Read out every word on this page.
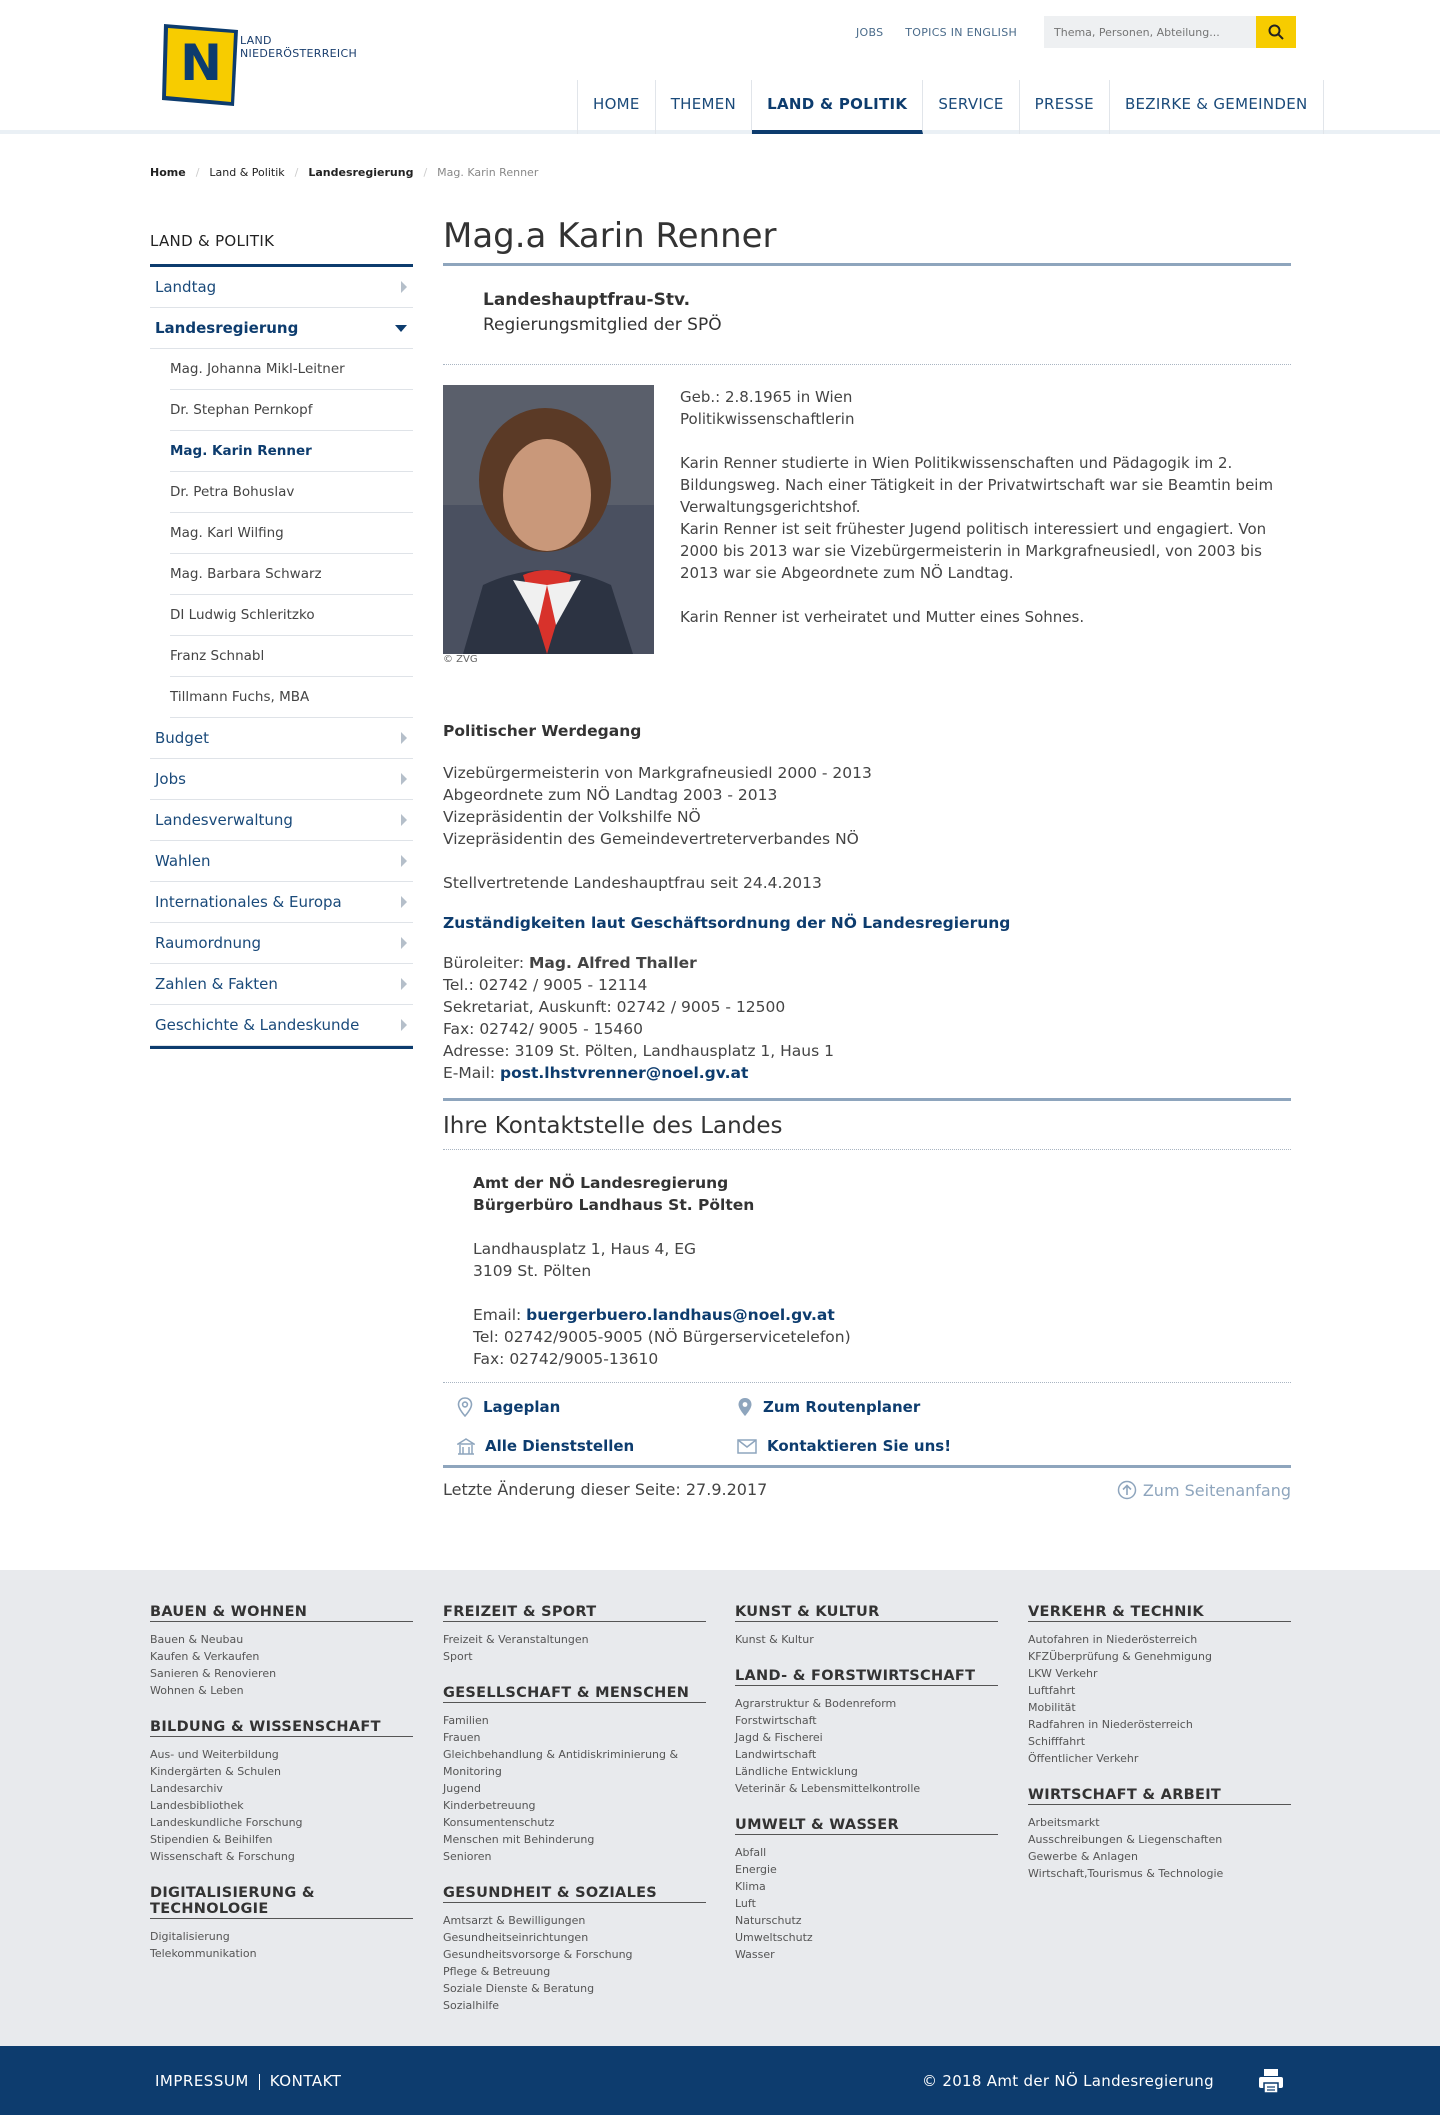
N LAND
NIEDERÖSTERREICH
JOBS TOPICS IN ENGLISH
Thema, Personen, Abteilung...
HOME	THEMEN	LAND & POLITIK	SERVICE	PRESSE	BEZIRKE & GEMEINDEN
Home / Land & Politik / Landesregierung / Mag. Karin Renner
LAND & POLITIK
Landtag
Landesregierung
Mag. Johanna Mikl-Leitner
Dr. Stephan Pernkopf
Mag. Karin Renner
Dr. Petra Bohuslav
Mag. Karl Wilfing
Mag. Barbara Schwarz
DI Ludwig Schleritzko
Franz Schnabl
Tillmann Fuchs, MBA
Budget
Jobs
Landesverwaltung
Wahlen
Internationales & Europa
Raumordnung
Zahlen & Fakten
Geschichte & Landeskunde
Mag.a Karin Renner
Landeshauptfrau-Stv.
Regierungsmitglied der SPÖ
© ZVG

Geb.: 2.8.1965 in Wien
Politikwissenschaftlerin

Karin Renner studierte in Wien Politikwissenschaften und Pädagogik im 2. Bildungsweg. Nach einer Tätigkeit in der Privatwirtschaft war sie Beamtin beim Verwaltungsgerichtshof.
Karin Renner ist seit frühester Jugend politisch interessiert und engagiert. Von 2000 bis 2013 war sie Vizebürgermeisterin in Markgrafneusiedl, von 2003 bis 2013 war sie Abgeordnete zum NÖ Landtag.

Karin Renner ist verheiratet und Mutter eines Sohnes.

Politischer Werdegang
Vizebürgermeisterin von Markgrafneusiedl 2000 - 2013
Abgeordnete zum NÖ Landtag 2003 - 2013
Vizepräsidentin der Volkshilfe NÖ
Vizepräsidentin des Gemeindevertreterverbandes NÖ
Stellvertretende Landeshauptfrau seit 24.4.2013
Zuständigkeiten laut Geschäftsordnung der NÖ Landesregierung
Büroleiter: Mag. Alfred Thaller
Tel.: 02742 / 9005 - 12114
Sekretariat, Auskunft: 02742 / 9005 - 12500
Fax: 02742/ 9005 - 15460
Adresse: 3109 St. Pölten, Landhausplatz 1, Haus 1
E-Mail: post.lhstvrenner@noel.gv.at
Ihre Kontaktstelle des Landes
Amt der NÖ Landesregierung
Bürgerbüro Landhaus St. Pölten
Landhausplatz 1, Haus 4, EG
3109 St. Pölten
Email: buergerbuero.landhaus@noel.gv.at
Tel: 02742/9005-9005 (NÖ Bürgerservicetelefon)
Fax: 02742/9005-13610
Lageplan	Zum Routenplaner
Alle Dienststellen	Kontaktieren Sie uns!
Letzte Änderung dieser Seite: 27.9.2017	Zum Seitenanfang
BAUEN & WOHNEN
Bauen & Neubau
Kaufen & Verkaufen
Sanieren & Renovieren
Wohnen & Leben
BILDUNG & WISSENSCHAFT
Aus- und Weiterbildung
Kindergärten & Schulen
Landesarchiv
Landesbibliothek
Landeskundliche Forschung
Stipendien & Beihilfen
Wissenschaft & Forschung
DIGITALISIERUNG & TECHNOLOGIE
Digitalisierung
Telekommunikation
FREIZEIT & SPORT
Freizeit & Veranstaltungen
Sport
GESELLSCHAFT & MENSCHEN
Familien
Frauen
Gleichbehandlung & Antidiskriminierung & Monitoring
Jugend
Kinderbetreuung
Konsumentenschutz
Menschen mit Behinderung
Senioren
GESUNDHEIT & SOZIALES
Amtsarzt & Bewilligungen
Gesundheitseinrichtungen
Gesundheitsvorsorge & Forschung
Pflege & Betreuung
Soziale Dienste & Beratung
Sozialhilfe
KUNST & KULTUR
Kunst & Kultur
LAND- & FORSTWIRTSCHAFT
Agrarstruktur & Bodenreform
Forstwirtschaft
Jagd & Fischerei
Landwirtschaft
Ländliche Entwicklung
Veterinär & Lebensmittelkontrolle
UMWELT & WASSER
Abfall
Energie
Klima
Luft
Naturschutz
Umweltschutz
Wasser
VERKEHR & TECHNIK
Autofahren in Niederösterreich
KFZÜberprüfung & Genehmigung
LKW Verkehr
Luftfahrt
Mobilität
Radfahren in Niederösterreich
Schifffahrt
Öffentlicher Verkehr
WIRTSCHAFT & ARBEIT
Arbeitsmarkt
Ausschreibungen & Liegenschaften
Gewerbe & Anlagen
Wirtschaft,Tourismus & Technologie
IMPRESSUM KONTAKT	© 2018 Amt der NÖ Landesregierung
